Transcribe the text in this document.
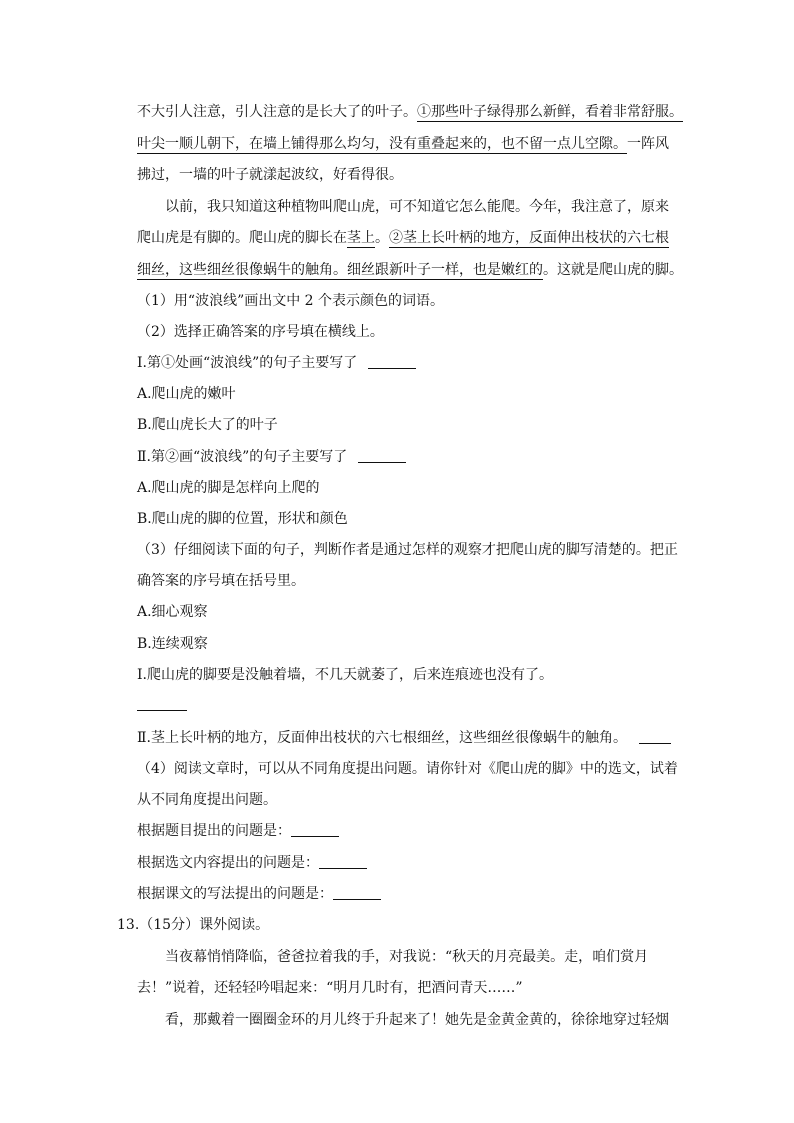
不大引人注意，引人注意的是长大了的叶子。①那些叶子绿得那么新鲜，看着非常舒服。
叶尖一顺儿朝下，在墙上铺得那么均匀，没有重叠起来的，也不留一点儿空隙。一阵风
拂过，一墙的叶子就漾起波纹，好看得很。
以前，我只知道这种植物叫爬山虎，可不知道它怎么能爬。今年，我注意了，原来
爬山虎是有脚的。爬山虎的脚长在茎上。②茎上长叶柄的地方，反面伸出枝状的六七根
细丝，这些细丝很像蜗牛的触角。细丝跟新叶子一样，也是嫩红的。这就是爬山虎的脚。
（1）用“波浪线”画出文中 2 个表示颜色的词语。
（2）选择正确答案的序号填在横线上。
Ⅰ.第①处画“波浪线”的句子主要写了
A.爬山虎的嫩叶
B.爬山虎长大了的叶子
Ⅱ.第②画“波浪线”的句子主要写了
A.爬山虎的脚是怎样向上爬的
B.爬山虎的脚的位置，形状和颜色
（3）仔细阅读下面的句子，判断作者是通过怎样的观察才把爬山虎的脚写清楚的。把正
确答案的序号填在括号里。
A.细心观察
B.连续观察
Ⅰ.爬山虎的脚要是没触着墙，不几天就萎了，后来连痕迹也没有了。
Ⅱ.茎上长叶柄的地方，反面伸出枝状的六七根细丝，这些细丝很像蜗牛的触角。
（4）阅读文章时，可以从不同角度提出问题。请你针对《爬山虎的脚》中的选文，试着
从不同角度提出问题。
根据题目提出的问题是：
根据选文内容提出的问题是：
根据课文的写法提出的问题是：
13.（15分）课外阅读。
当夜幕悄悄降临，爸爸拉着我的手，对我说：“秋天的月亮最美。走，咱们赏月
去！”说着，还轻轻吟唱起来：“明月几时有，把酒问青天……”
看，那戴着一圈圈金环的月儿终于升起来了！她先是金黄金黄的，徐徐地穿过轻烟
